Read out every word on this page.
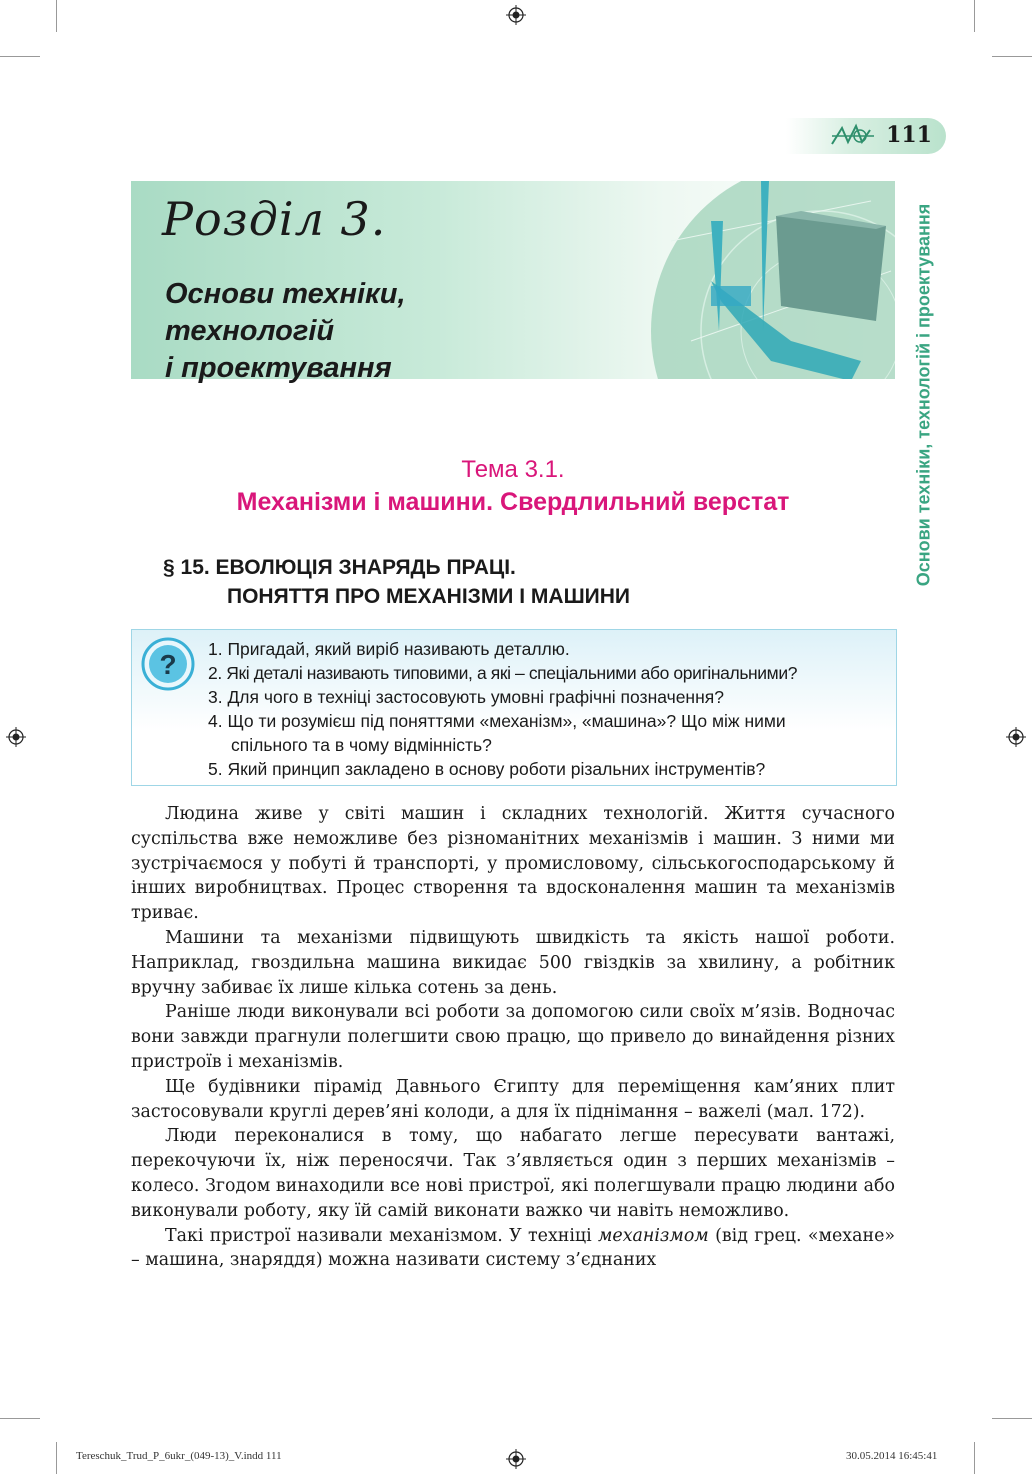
111
Основи техніки, технологій і проектування
Розділ 3.
Основи техніки,
технологій
і проектування
Тема 3.1.
Механізми і машини. Свердлильний верстат
§ 15. ЕВОЛЮЦІЯ ЗНАРЯДЬ ПРАЦІ.
ПОНЯТТЯ ПРО МЕХАНІЗМИ І МАШИНИ
? 1. Пригадай, який виріб називають деталлю.
2. Які деталі називають типовими, а які – спеціальними або оригінальними?
3. Для чого в техніці застосовують умовні графічні позначення?
4. Що ти розумієш під поняттями «механізм», «машина»? Що між ними
спільного та в чому відмінність?
5. Який принцип закладено в основу роботи різальних інструментів?

Людина живе у світі машин і складних технологій. Життя сучасного суспільства вже неможливе без різноманітних механізмів і машин. З ними ми зустрічаємося у побуті й транспорті, у промисловому, сільськогосподарському й інших виробництвах. Процес створення та вдосконалення машин та механізмів триває.

Машини та механізми підвищують швидкість та якість нашої роботи. Наприклад, гвоздильна машина викидає 500 гвіздків за хвилину, а робітник вручну забиває їх лише кілька сотень за день.

Раніше люди виконували всі роботи за допомогою сили своїх м’язів. Водночас вони завжди прагнули полегшити свою працю, що привело до винайдення різних пристроїв і механізмів.

Ще будівники пірамід Давнього Єгипту для переміщення кам’яних плит застосовували круглі дерев’яні колоди, а для їх піднімання – важелі (мал. 172).

Люди переконалися в тому, що набагато легше пересувати вантажі, перекочуючи їх, ніж переносячи. Так з’являється один з перших механізмів – колесо. Згодом винаходили все нові пристрої, які полегшували працю людини або виконували роботу, яку їй самій виконати важко чи навіть неможливо.

Такі пристрої називали механізмом. У техніці механізмом (від грец. «механе» – машина, знаряддя) можна називати систему з’єднаних

Tereschuk_Trud_P_6ukr_(049-13)_V.indd 111	30.05.2014 16:45:41
